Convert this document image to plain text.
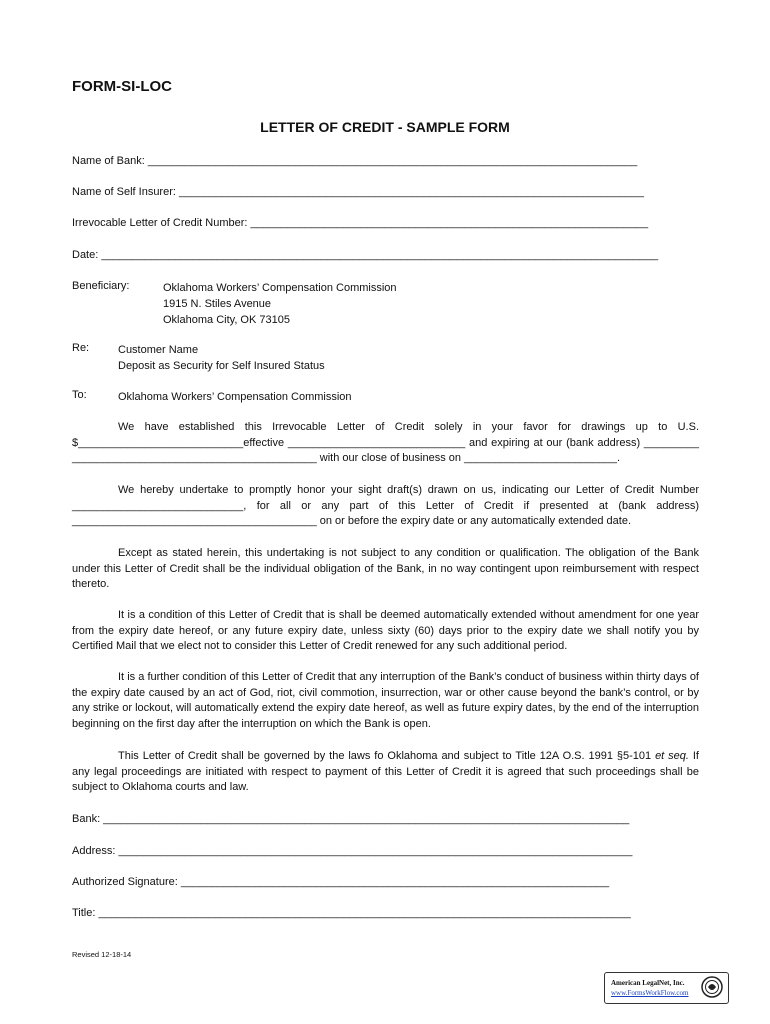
FORM-SI-LOC
LETTER OF CREDIT - SAMPLE FORM
Name of Bank: ________________________________________________________________________________
Name of Self Insurer: ____________________________________________________________________________
Irrevocable Letter of Credit Number: _________________________________________________________________
Date: ___________________________________________________________________________________________
Beneficiary:	Oklahoma Workers’ Compensation Commission
1915 N. Stiles Avenue
Oklahoma City, OK 73105
Re:	Customer Name
Deposit as Security for Self Insured Status
To:	Oklahoma Workers’ Compensation Commission
We have established this Irrevocable Letter of Credit solely in your favor for drawings up to U.S.
$___________________________effective _____________________________ and expiring at our (bank address) _________
________________________________________ with our close of business on _________________________.
We hereby undertake to promptly honor your sight draft(s) drawn on us, indicating our Letter of Credit Number
____________________________, for all or any part of this Letter of Credit if presented at (bank address)
________________________________________ on or before the expiry date or any automatically extended date.
Except as stated herein, this undertaking is not subject to any condition or qualification. The obligation of the Bank under this Letter of Credit shall be the individual obligation of the Bank, in no way contingent upon reimbursement with respect thereto.
It is a condition of this Letter of Credit that is shall be deemed automatically extended without amendment for one year from the expiry date hereof, or any future expiry date, unless sixty (60) days prior to the expiry date we shall notify you by Certified Mail that we elect not to consider this Letter of Credit renewed for any such additional period.
It is a further condition of this Letter of Credit that any interruption of the Bank’s conduct of business within thirty days of the expiry date caused by an act of God, riot, civil commotion, insurrection, war or other cause beyond the bank’s control, or by any strike or lockout, will automatically extend the expiry date hereof, as well as future expiry dates, by the end of the interruption beginning on the first day after the interruption on which the Bank is open.
This Letter of Credit shall be governed by the laws fo Oklahoma and subject to Title 12A O.S. 1991 §5-101 et seq. If any legal proceedings are initiated with respect to payment of this Letter of Credit it is agreed that such proceedings shall be subject to Oklahoma courts and law.
Bank: ______________________________________________________________________________________
Address: ____________________________________________________________________________________
Authorized Signature: ______________________________________________________________________
Title: _______________________________________________________________________________________
Revised 12-18-14
American LegalNet, Inc.
www.FormsWorkFlow.com
